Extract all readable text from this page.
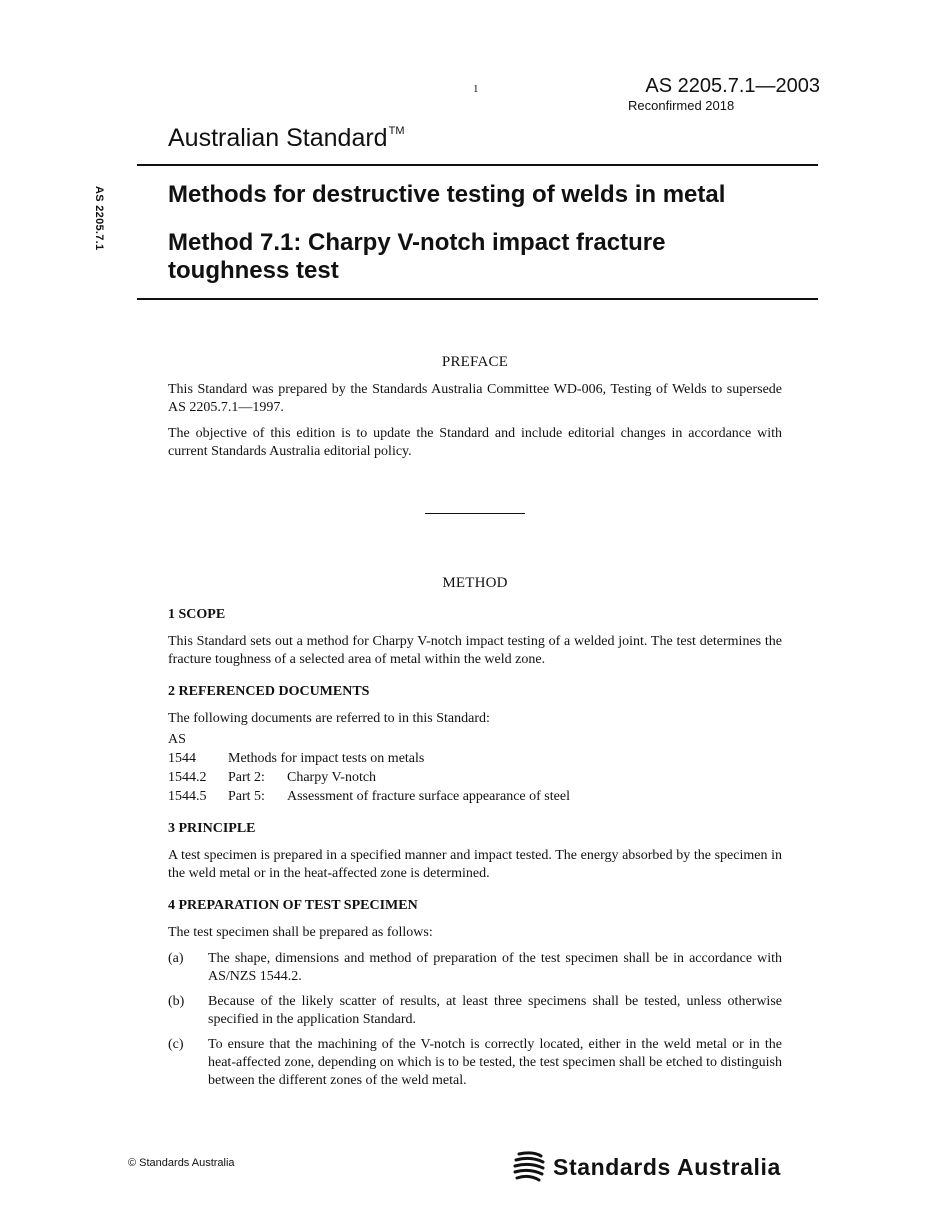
1	AS 2205.7.1—2003
Reconfirmed 2018
Australian Standard™
AS 2205.7.1	Methods for destructive testing of welds in metal
Method 7.1: Charpy V-notch impact fracture
toughness test
PREFACE

This Standard was prepared by the Standards Australia Committee WD-006, Testing of Welds to supersede AS 2205.7.1—1997.

The objective of this edition is to update the Standard and include editorial changes in accordance with current Standards Australia editorial policy.

METHOD
1 SCOPE

This Standard sets out a method for Charpy V-notch impact testing of a welded joint. The test determines the fracture toughness of a selected area of metal within the weld zone.

2 REFERENCED DOCUMENTS
The following documents are referred to in this Standard:
AS
1544	Methods for impact tests on metals
1544.2	Part 2:	Charpy V-notch
1544.5	Part 5:	Assessment of fracture surface appearance of steel
3 PRINCIPLE

A test specimen is prepared in a specified manner and impact tested. The energy absorbed by the specimen in the weld metal or in the heat-affected zone is determined.

4 PREPARATION OF TEST SPECIMEN

The test specimen shall be prepared as follows:

(a)	The shape, dimensions and method of preparation of the test specimen shall be in accordance with AS/NZS 1544.2.
(b)	Because of the likely scatter of results, at least three specimens shall be tested, unless otherwise specified in the application Standard.
(c)	To ensure that the machining of the V-notch is correctly located, either in the weld metal or in the heat-affected zone, depending on which is to be tested, the test specimen shall be etched to distinguish between the different zones of the weld metal.
© Standards Australia	Standards Australia
